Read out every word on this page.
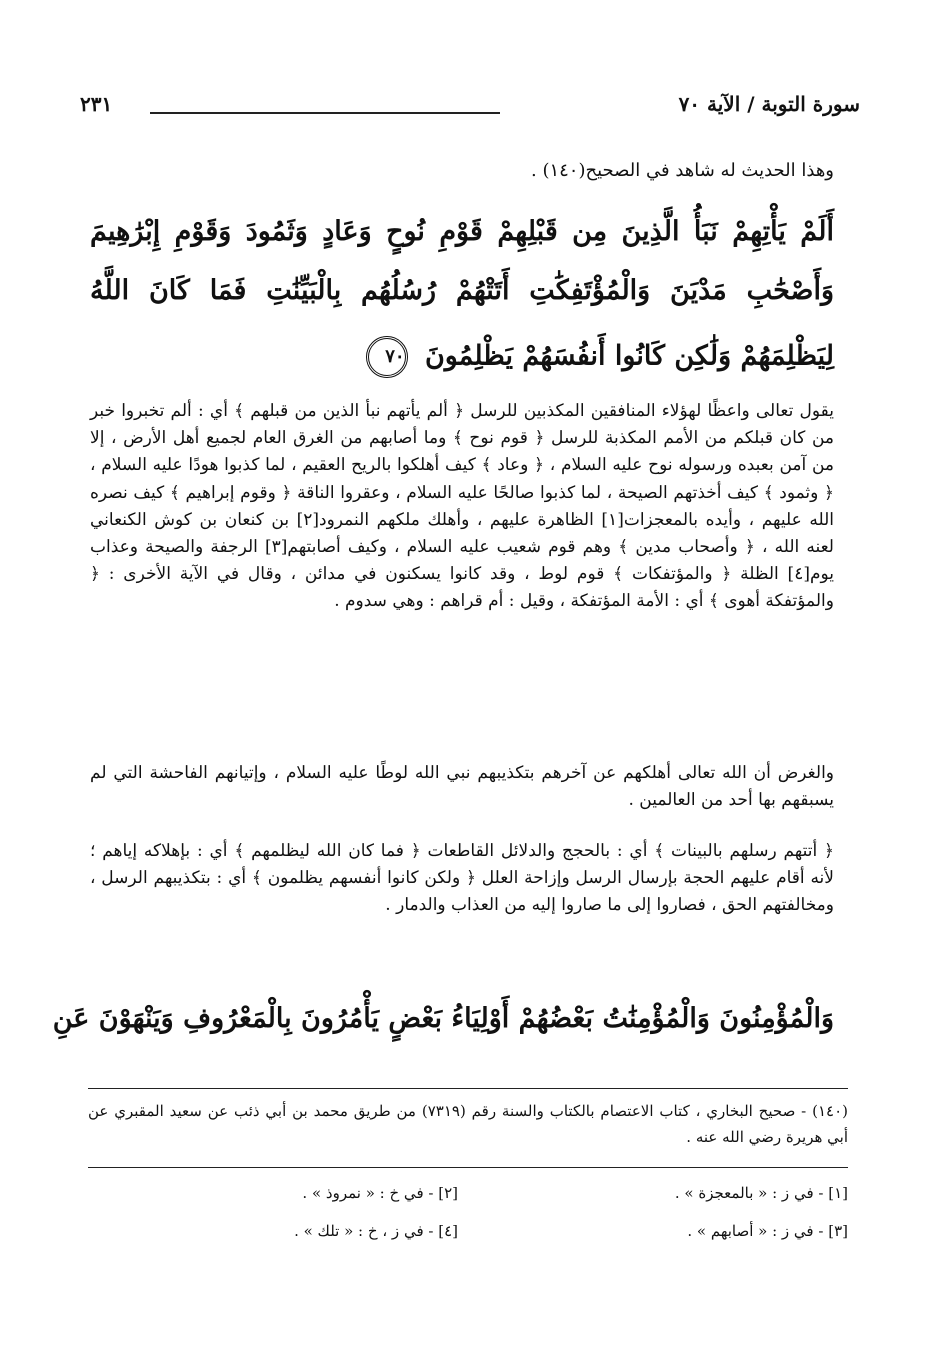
سورة التوبة / الآية ٧٠
٢٣١
وهذا الحديث له شاهد في الصحيح(١٤٠) .
أَلَمْ يَأْتِهِمْ نَبَأُ الَّذِينَ مِن قَبْلِهِمْ قَوْمِ نُوحٍ وَعَادٍ وَثَمُودَ وَقَوْمِ إِبْرَٰهِيمَ
وَأَصْحَٰبِ مَدْيَنَ وَالْمُؤْتَفِكَٰتِ أَتَتْهُمْ رُسُلُهُم بِالْبَيِّنَٰتِ فَمَا كَانَ اللَّهُ
لِيَظْلِمَهُمْ وَلَٰكِن كَانُوا أَنفُسَهُمْ يَظْلِمُونَ ٧٠
يقول تعالى واعظًا لهؤلاء المنافقين المكذبين للرسل ﴿ ألم يأتهم نبأ الذين من قبلهم ﴾ أي : ألم تخبروا خبر من كان قبلكم من الأمم المكذبة للرسل ﴿ قوم نوح ﴾ وما أصابهم من الغرق العام لجميع أهل الأرض ، إلا من آمن بعبده ورسوله نوح عليه السلام ، ﴿ وعاد ﴾ كيف أهلكوا بالريح العقيم ، لما كذبوا هودًا عليه السلام ، ﴿ وثمود ﴾ كيف أخذتهم الصيحة ، لما كذبوا صالحًا عليه السلام ، وعقروا الناقة ﴿ وقوم إبراهيم ﴾ كيف نصره الله عليهم ، وأيده بالمعجزات[١] الظاهرة عليهم ، وأهلك ملكهم النمرود[٢] بن كنعان بن كوش الكنعاني لعنه الله ، ﴿ وأصحاب مدين ﴾ وهم قوم شعيب عليه السلام ، وكيف أصابتهم[٣] الرجفة والصيحة وعذاب يوم[٤] الظلة ﴿ والمؤتفكات ﴾ قوم لوط ، وقد كانوا يسكنون في مدائن ، وقال في الآية الأخرى : ﴿ والمؤتفكة أهوى ﴾ أي : الأمة المؤتفكة ، وقيل : أم قراهم : وهي سدوم .
والغرض أن الله تعالى أهلكهم عن آخرهم بتكذيبهم نبي الله لوطًا عليه السلام ، وإتيانهم الفاحشة التي لم يسبقهم بها أحد من العالمين .
﴿ أتتهم رسلهم بالبينات ﴾ أي : بالحجج والدلائل القاطعات ﴿ فما كان الله ليظلمهم ﴾ أي : بإهلاكه إياهم ؛ لأنه أقام عليهم الحجة بإرسال الرسل وإزاحة العلل ﴿ ولكن كانوا أنفسهم يظلمون ﴾ أي : بتكذيبهم الرسل ، ومخالفتهم الحق ، فصاروا إلى ما صاروا إليه من العذاب والدمار .
وَالْمُؤْمِنُونَ وَالْمُؤْمِنَٰتُ بَعْضُهُمْ أَوْلِيَاءُ بَعْضٍ يَأْمُرُونَ بِالْمَعْرُوفِ وَيَنْهَوْنَ عَنِ
(١٤٠) - صحيح البخاري ، كتاب الاعتصام بالكتاب والسنة رقم (٧٣١٩) من طريق محمد بن أبي ذئب عن سعيد المقبري عن أبي هريرة رضي الله عنه .
[١] - في ز : « بالمعجزة » .
[٢] - في خ : « نمروذ » .
[٣] - في ز : « أصابهم » .
[٤] - في ز ، خ : « تلك » .
